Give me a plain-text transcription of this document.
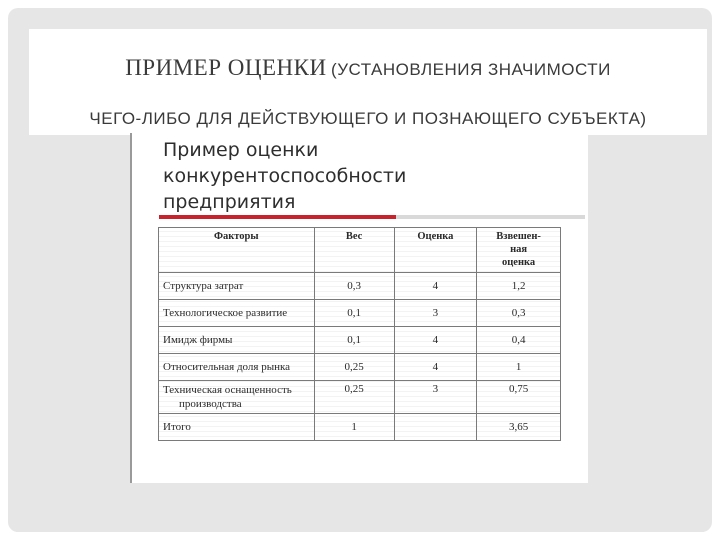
ПРИМЕР ОЦЕНКИ (УСТАНОВЛЕНИЯ ЗНАЧИМОСТИ
ЧЕГО-ЛИБО ДЛЯ ДЕЙСТВУЮЩЕГО И ПОЗНАЮЩЕГО СУБЪЕКТА)
Пример оценки
конкурентоспособности
предприятия
Факторы	Вес	Оценка	Взвешен-
ная
оценка
Структура затрат	0,3	4	1,2
Технологическое развитие	0,1	3	0,3
Имидж фирмы	0,1	4	0,4
Относительная доля рынка	0,25	4	1
Техническая оснащенность
производства	0,25	3	0,75
Итого	1		3,65
